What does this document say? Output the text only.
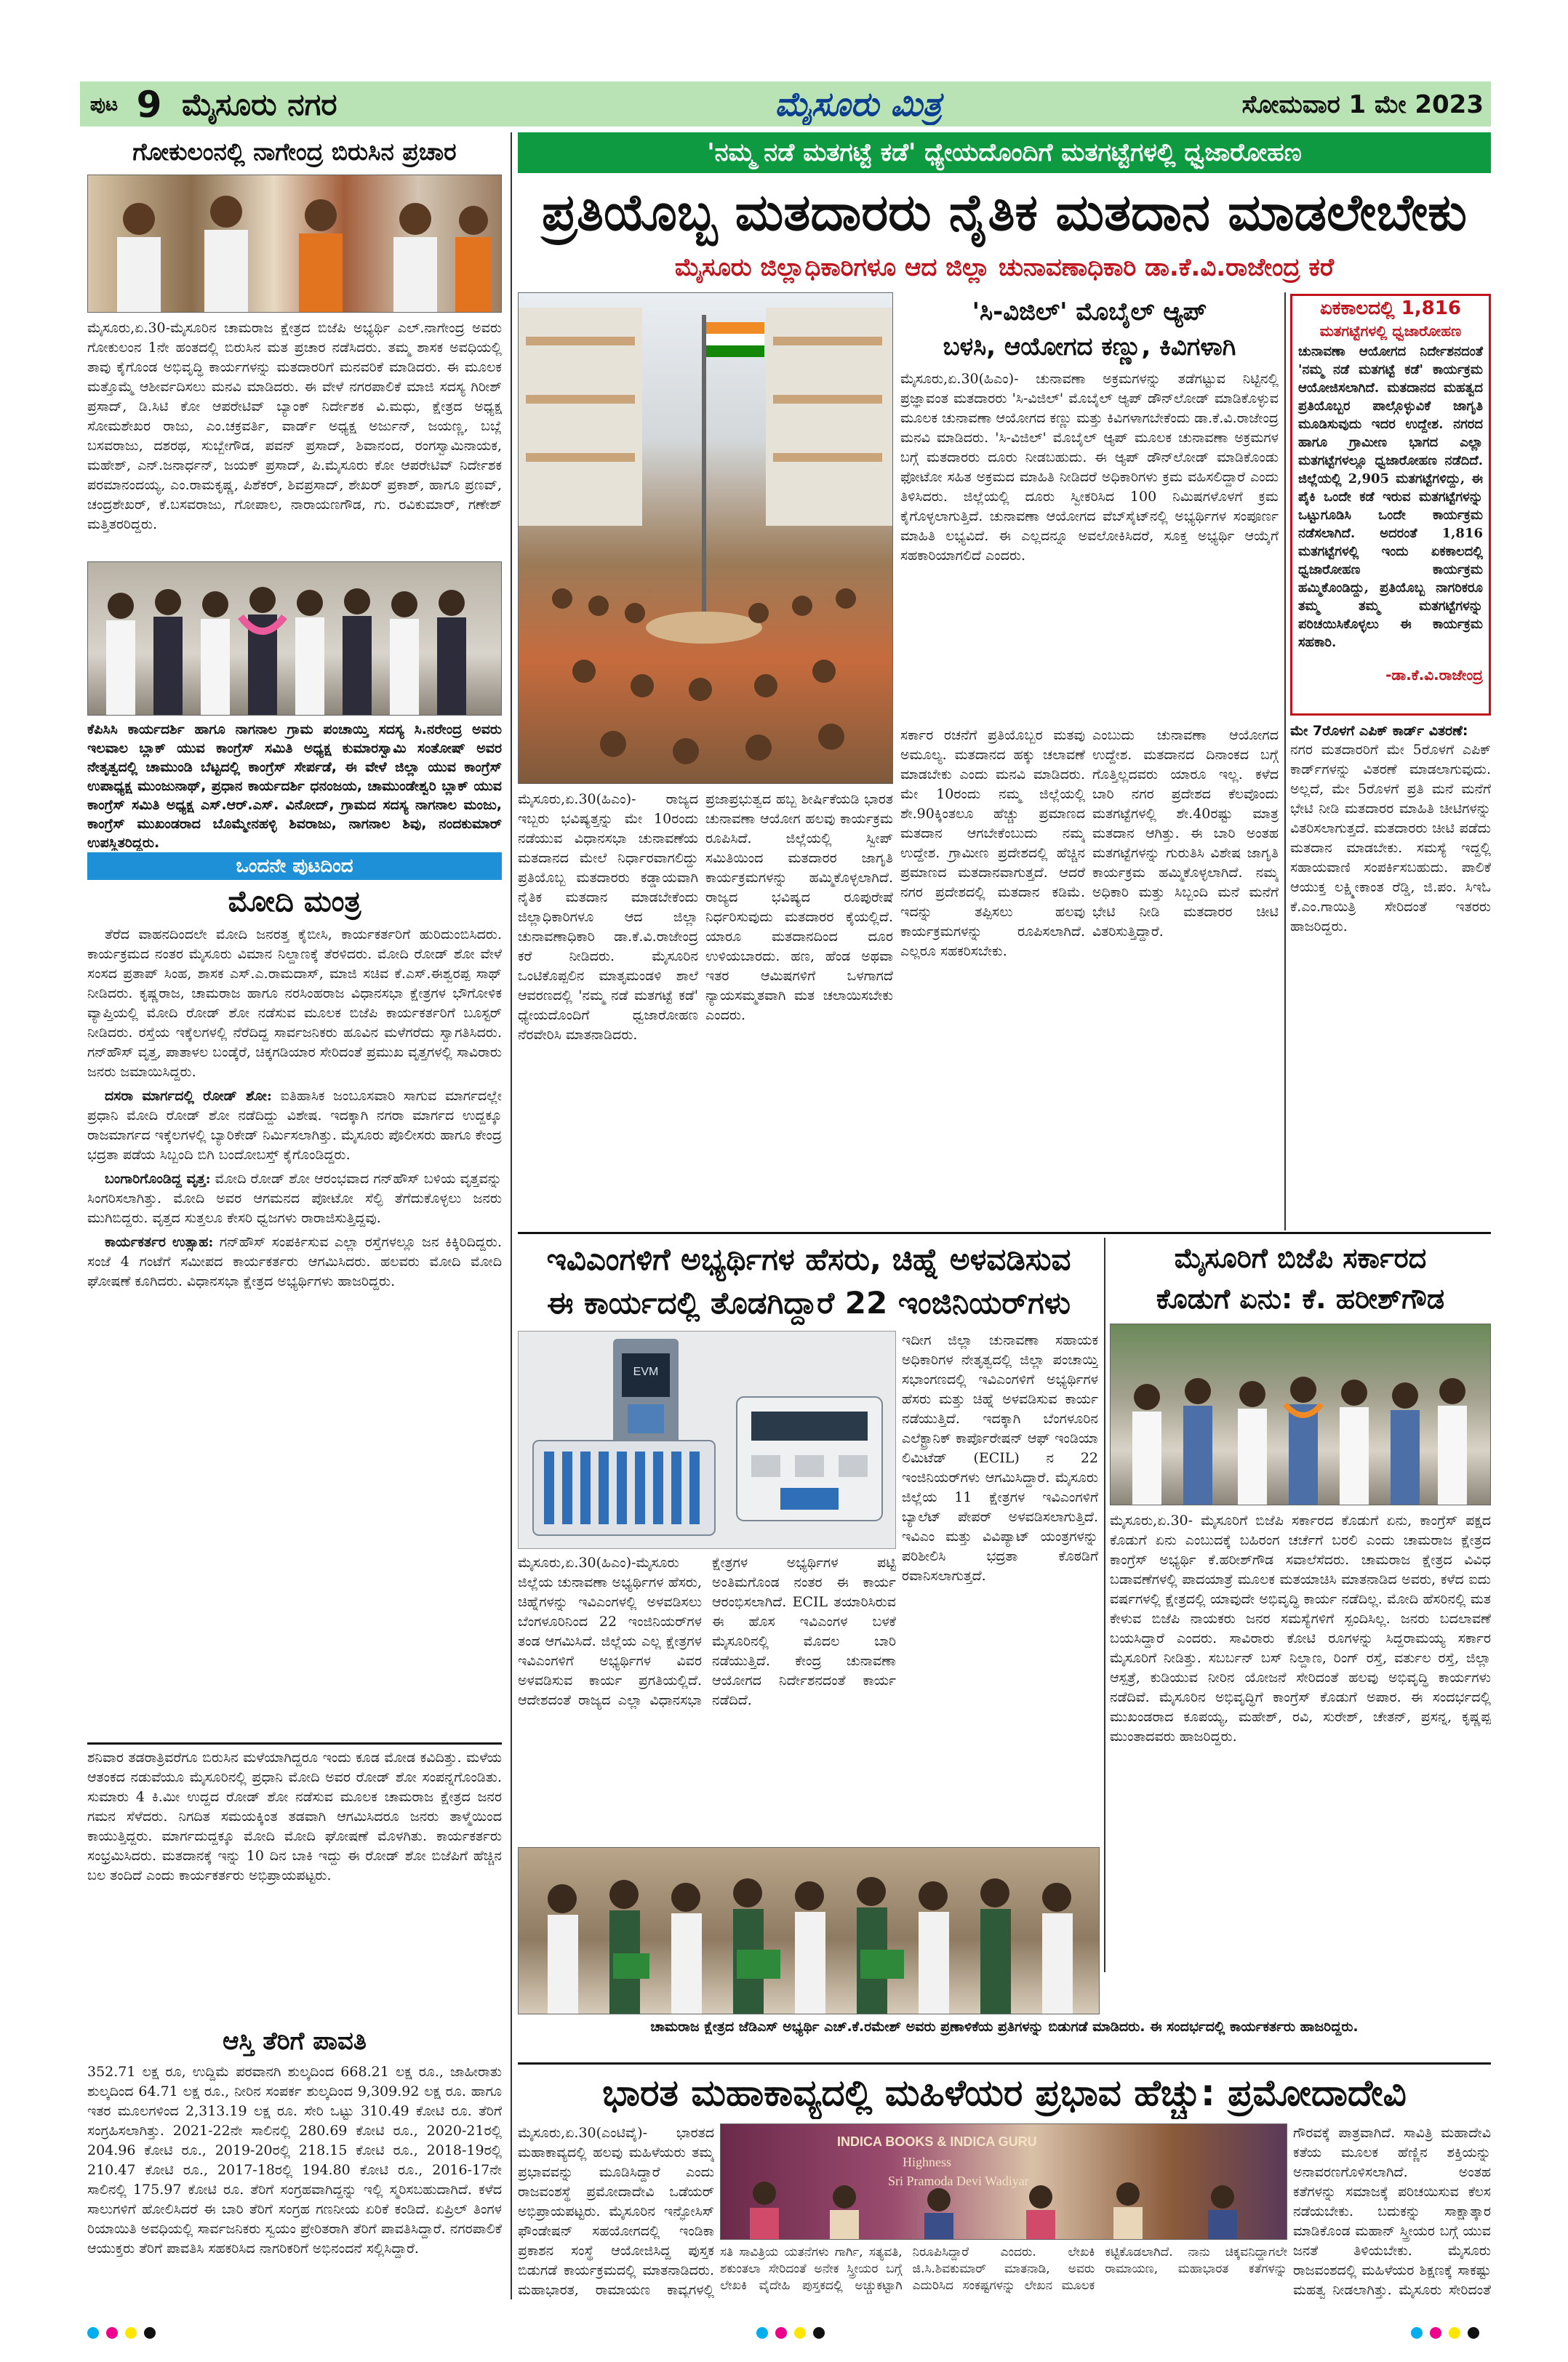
ಪುಟ 9 ಮೈಸೂರು ನಗರ	ಮೈಸೂರು ಮಿತ್ರ	ಸೋಮವಾರ 1 ಮೇ 2023
ಗೋಕುಲಂನಲ್ಲಿ ನಾಗೇಂದ್ರ ಬಿರುಸಿನ ಪ್ರಚಾರ
ಮೈಸೂರು,ಏ.30-ಮೈಸೂರಿನ ಚಾಮರಾಜ ಕ್ಷೇತ್ರದ ಬಿಜೆಪಿ ಅಭ್ಯರ್ಥಿ ಎಲ್.ನಾಗೇಂದ್ರ ಅವರು ಗೋಕುಲಂನ 1ನೇ ಹಂತದಲ್ಲಿ ಬಿರುಸಿನ ಮತ ಪ್ರಚಾರ ನಡೆಸಿದರು. ತಮ್ಮ ಶಾಸಕ ಅವಧಿಯಲ್ಲಿ ತಾವು ಕೈಗೊಂಡ ಅಭಿವೃದ್ಧಿ ಕಾರ್ಯಗಳನ್ನು ಮತದಾರರಿಗೆ ಮನವರಿಕೆ ಮಾಡಿದರು. ಈ ಮೂಲಕ ಮತ್ತೊಮ್ಮೆ ಆಶೀರ್ವದಿಸಲು ಮನವಿ ಮಾಡಿದರು. ಈ ವೇಳೆ ನಗರಪಾಲಿಕೆ ಮಾಜಿ ಸದಸ್ಯ ಗಿರೀಶ್ ಪ್ರಸಾದ್, ಡಿ.ಸಿಟಿ ಕೋ ಆಪರೇಟಿವ್ ಬ್ಯಾಂಕ್ ನಿರ್ದೇಶಕ ವಿ.ಮಧು, ಕ್ಷೇತ್ರದ ಅಧ್ಯಕ್ಷ ಸೋಮಶೇಖರ ರಾಜು, ಎಂ.ಚಕ್ರವರ್ತಿ, ವಾರ್ಡ್ ಅಧ್ಯಕ್ಷ ಅರ್ಜುನ್, ಜಯಣ್ಣ, ಬಬ್ಲೆ ಬಸವರಾಜು, ದಶರಥ, ಸುಬ್ಬೇಗೌಡ, ಪವನ್ ಪ್ರಸಾದ್, ಶಿವಾನಂದ, ರಂಗಸ್ವಾಮಿನಾಯಕ, ಮಹೇಶ್, ಎನ್.ಜನಾರ್ಧನ್, ಜಯಕ್ ಪ್ರಸಾದ್, ಪಿ.ಮೈಸೂರು ಕೋ ಆಪರೇಟಿವ್ ನಿರ್ದೇಶಕ ಪರಮಾನಂದಯ್ಯ, ಎಂ.ರಾಮಕೃಷ್ಣ, ಪಿಶೆಕರ್, ಶಿವಪ್ರಸಾದ್, ಶೇಖರ್ ಪ್ರಕಾಶ್, ಹಾಗೂ ಪ್ರಣವ್, ಚಂದ್ರಶೇಖರ್, ಕೆ.ಬಸವರಾಜು, ಗೋಪಾಲ, ನಾರಾಯಣಗೌಡ, ಗು. ರವಿಕುಮಾರ್, ಗಣೇಶ್ ಮತ್ತಿತರರಿದ್ದರು.
ಕೆಪಿಸಿಸಿ ಕಾರ್ಯದರ್ಶಿ ಹಾಗೂ ನಾಗನಾಲ ಗ್ರಾಮ ಪಂಚಾಯ್ತಿ ಸದಸ್ಯ ಸಿ.ನರೇಂದ್ರ ಅವರು ಇಲವಾಲ ಬ್ಲಾಕ್ ಯುವ ಕಾಂಗ್ರೆಸ್ ಸಮಿತಿ ಅಧ್ಯಕ್ಷ ಕುಮಾರಸ್ವಾಮಿ ಸಂತೋಷ್ ಅವರ ನೇತೃತ್ವದಲ್ಲಿ ಚಾಮುಂಡಿ ಬೆಟ್ಟದಲ್ಲಿ ಕಾಂಗ್ರೆಸ್ ಸೇರ್ಪಡೆ, ಈ ವೇಳೆ ಜಿಲ್ಲಾ ಯುವ ಕಾಂಗ್ರೆಸ್ ಉಪಾಧ್ಯಕ್ಷ ಮುಂಜುನಾಥ್, ಪ್ರಧಾನ ಕಾರ್ಯದರ್ಶಿ ಧನಂಜಯ, ಚಾಮುಂಡೇಶ್ವರಿ ಬ್ಲಾಕ್ ಯುವ ಕಾಂಗ್ರೆಸ್ ಸಮಿತಿ ಅಧ್ಯಕ್ಷ ಎಸ್.ಆರ್.ಎಸ್. ವಿನೋದ್, ಗ್ರಾಮದ ಸದಸ್ಯ ನಾಗನಾಲ ಮಂಜು, ಕಾಂಗ್ರೆಸ್ ಮುಖಂಡರಾದ ಬೊಮ್ಮೇನಹಳ್ಳಿ ಶಿವರಾಜು, ನಾಗನಾಲ ಶಿವು, ನಂದಕುಮಾರ್ ಉಪಸ್ಥಿತರಿದ್ದರು.
ಒಂದನೇ ಪುಟದಿಂದ
ಮೋದಿ ಮಂತ್ರ

ತೆರೆದ ವಾಹನದಿಂದಲೇ ಮೋದಿ ಜನರತ್ತ ಕೈಬೀಸಿ, ಕಾರ್ಯಕರ್ತರಿಗೆ ಹುರಿದುಂಬಿಸಿದರು. ಕಾರ್ಯಕ್ರಮದ ನಂತರ ಮೈಸೂರು ವಿಮಾನ ನಿಲ್ದಾಣಕ್ಕೆ ತೆರಳಿದರು. ಮೋದಿ ರೋಡ್ ಶೋ ವೇಳೆ ಸಂಸದ ಪ್ರತಾಪ್ ಸಿಂಹ, ಶಾಸಕ ಎಸ್.ಎ.ರಾಮದಾಸ್, ಮಾಜಿ ಸಚಿವ ಕೆ.ಎಸ್.ಈಶ್ವರಪ್ಪ ಸಾಥ್ ನೀಡಿದರು. ಕೃಷ್ಣರಾಜ, ಚಾಮರಾಜ ಹಾಗೂ ನರಸಿಂಹರಾಜ ವಿಧಾನಸಭಾ ಕ್ಷೇತ್ರಗಳ ಭೌಗೋಳಿಕ ವ್ಯಾಪ್ತಿಯಲ್ಲಿ ಮೋದಿ ರೋಡ್ ಶೋ ನಡೆಸುವ ಮೂಲಕ ಬಿಜೆಪಿ ಕಾರ್ಯಕರ್ತರಿಗೆ ಬೂಸ್ಟರ್ ನೀಡಿದರು. ರಸ್ತೆಯ ಇಕ್ಕೆಲಗಳಲ್ಲಿ ನೆರೆದಿದ್ದ ಸಾರ್ವಜನಿಕರು ಹೂವಿನ ಮಳೆಗರೆದು ಸ್ವಾಗತಿಸಿದರು. ಗನ್‌ಹೌಸ್ ವೃತ್ತ, ಪಾತಾಳಲ ಬಂಡ್ಕೆರೆ, ಚಿಕ್ಕಗಡಿಯಾರ ಸೇರಿದಂತೆ ಪ್ರಮುಖ ವೃತ್ತಗಳಲ್ಲಿ ಸಾವಿರಾರು ಜನರು ಜಮಾಯಿಸಿದ್ದರು.

ದಸರಾ ಮಾರ್ಗದಲ್ಲಿ ರೋಡ್ ಶೋ: ಐತಿಹಾಸಿಕ ಜಂಬೂಸವಾರಿ ಸಾಗುವ ಮಾರ್ಗದಲ್ಲೇ ಪ್ರಧಾನಿ ಮೋದಿ ರೋಡ್ ಶೋ ನಡೆದಿದ್ದು ವಿಶೇಷ. ಇದಕ್ಕಾಗಿ ನಗರಾ ಮಾರ್ಗದ ಉದ್ದಕ್ಕೂ ರಾಜಮಾರ್ಗದ ಇಕ್ಕೆಲಗಳಲ್ಲಿ ಬ್ಯಾರಿಕೇಡ್ ನಿರ್ಮಿಸಲಾಗಿತ್ತು. ಮೈಸೂರು ಪೊಲೀಸರು ಹಾಗೂ ಕೇಂದ್ರ ಭದ್ರತಾ ಪಡೆಯ ಸಿಬ್ಬಂದಿ ಬಿಗಿ ಬಂದೋಬಸ್ತ್ ಕೈಗೊಂಡಿದ್ದರು.

ಬಂಗಾರಿಗೊಂಡಿದ್ದ ವೃತ್ತ: ಮೋದಿ ರೋಡ್ ಶೋ ಆರಂಭವಾದ ಗನ್‌ಹೌಸ್ ಬಳಿಯ ವೃತ್ತವನ್ನು ಸಿಂಗರಿಸಲಾಗಿತ್ತು. ಮೋದಿ ಅವರ ಆಗಮನದ ಪೋಟೋ ಸೆಲ್ಫಿ ತೆಗೆದುಕೊಳ್ಳಲು ಜನರು ಮುಗಿಬಿದ್ದರು. ವೃತ್ತದ ಸುತ್ತಲೂ ಕೇಸರಿ ಧ್ವಜಗಳು ರಾರಾಜಿಸುತ್ತಿದ್ದವು.

ಕಾರ್ಯಕರ್ತರ ಉತ್ಸಾಹ: ಗನ್‌ಹೌಸ್ ಸಂಪರ್ಕಿಸುವ ಎಲ್ಲಾ ರಸ್ತೆಗಳಲ್ಲೂ ಜನ ಕಿಕ್ಕಿರಿದಿದ್ದರು. ಸಂಜೆ 4 ಗಂಟೆಗೆ ಸಮೀಪದ ಕಾರ್ಯಕರ್ತರು ಆಗಮಿಸಿದರು. ಹಲವರು ಮೋದಿ ಮೋದಿ ಘೋಷಣೆ ಕೂಗಿದರು. ವಿಧಾನಸಭಾ ಕ್ಷೇತ್ರದ ಅಭ್ಯರ್ಥಿಗಳು ಹಾಜರಿದ್ದರು.

ಶನಿವಾರ ತಡರಾತ್ರಿವರೆಗೂ ಬಿರುಸಿನ ಮಳೆಯಾಗಿದ್ದರೂ ಇಂದು ಕೂಡ ಮೋಡ ಕವಿದಿತ್ತು. ಮಳೆಯ ಆತಂಕದ ನಡುವೆಯೂ ಮೈಸೂರಿನಲ್ಲಿ ಪ್ರಧಾನಿ ಮೋದಿ ಅವರ ರೋಡ್ ಶೋ ಸಂಪನ್ನಗೊಂಡಿತು. ಸುಮಾರು 4 ಕಿ.ಮೀ ಉದ್ದದ ರೋಡ್ ಶೋ ನಡೆಸುವ ಮೂಲಕ ಚಾಮರಾಜ ಕ್ಷೇತ್ರದ ಜನರ ಗಮನ ಸೆಳೆದರು. ನಿಗದಿತ ಸಮಯಕ್ಕಿಂತ ತಡವಾಗಿ ಆಗಮಿಸಿದರೂ ಜನರು ತಾಳ್ಮೆಯಿಂದ ಕಾಯುತ್ತಿದ್ದರು. ಮಾರ್ಗದುದ್ದಕ್ಕೂ ಮೋದಿ ಮೋದಿ ಘೋಷಣೆ ಮೊಳಗಿತು. ಕಾರ್ಯಕರ್ತರು ಸಂಭ್ರಮಿಸಿದರು. ಮತದಾನಕ್ಕೆ ಇನ್ನು 10 ದಿನ ಬಾಕಿ ಇದ್ದು ಈ ರೋಡ್ ಶೋ ಬಿಜೆಪಿಗೆ ಹೆಚ್ಚಿನ ಬಲ ತಂದಿದೆ ಎಂದು ಕಾರ್ಯಕರ್ತರು ಅಭಿಪ್ರಾಯಪಟ್ಟರು.
ಆಸ್ತಿ ತೆರಿಗೆ ಪಾವತಿ
352.71 ಲಕ್ಷ ರೂ, ಉದ್ದಿಮೆ ಪರವಾನಗಿ ಶುಲ್ಕದಿಂದ 668.21 ಲಕ್ಷ ರೂ., ಜಾಹೀರಾತು ಶುಲ್ಕದಿಂದ 64.71 ಲಕ್ಷ ರೂ., ನೀರಿನ ಸಂಪರ್ಕ ಶುಲ್ಕದಿಂದ 9,309.92 ಲಕ್ಷ ರೂ. ಹಾಗೂ ಇತರ ಮೂಲಗಳಿಂದ 2,313.19 ಲಕ್ಷ ರೂ. ಸೇರಿ ಒಟ್ಟು 310.49 ಕೋಟಿ ರೂ. ತೆರಿಗೆ ಸಂಗ್ರಹಿಸಲಾಗಿತ್ತು. 2021-22ನೇ ಸಾಲಿನಲ್ಲಿ 280.69 ಕೋಟಿ ರೂ., 2020-21ರಲ್ಲಿ 204.96 ಕೋಟಿ ರೂ., 2019-20ರಲ್ಲಿ 218.15 ಕೋಟಿ ರೂ., 2018-19ರಲ್ಲಿ 210.47 ಕೋಟಿ ರೂ., 2017-18ರಲ್ಲಿ 194.80 ಕೋಟಿ ರೂ., 2016-17ನೇ ಸಾಲಿನಲ್ಲಿ 175.97 ಕೋಟಿ ರೂ. ತೆರಿಗೆ ಸಂಗ್ರಹವಾಗಿದ್ದನ್ನು ಇಲ್ಲಿ ಸ್ಮರಿಸಬಹುದಾಗಿದೆ. ಕಳೆದ ಸಾಲುಗಳಿಗೆ ಹೋಲಿಸಿದರೆ ಈ ಬಾರಿ ತೆರಿಗೆ ಸಂಗ್ರಹ ಗಣನೀಯ ಏರಿಕೆ ಕಂಡಿದೆ. ಏಪ್ರಿಲ್ ತಿಂಗಳ ರಿಯಾಯಿತಿ ಅವಧಿಯಲ್ಲಿ ಸಾರ್ವಜನಿಕರು ಸ್ವಯಂ ಪ್ರೇರಿತರಾಗಿ ತೆರಿಗೆ ಪಾವತಿಸಿದ್ದಾರೆ. ನಗರಪಾಲಿಕೆ ಆಯುಕ್ತರು ತೆರಿಗೆ ಪಾವತಿಸಿ ಸಹಕರಿಸಿದ ನಾಗರಿಕರಿಗೆ ಅಭಿನಂದನೆ ಸಲ್ಲಿಸಿದ್ದಾರೆ.
'ನಮ್ಮ ನಡೆ ಮತಗಟ್ಟೆ ಕಡೆ' ಧ್ಯೇಯದೊಂದಿಗೆ ಮತಗಟ್ಟೆಗಳಲ್ಲಿ ಧ್ವಜಾರೋಹಣ
ಪ್ರತಿಯೊಬ್ಬ ಮತದಾರರು ನೈತಿಕ ಮತದಾನ ಮಾಡಲೇಬೇಕು
ಮೈಸೂರು ಜಿಲ್ಲಾಧಿಕಾರಿಗಳೂ ಆದ ಜಿಲ್ಲಾ ಚುನಾವಣಾಧಿಕಾರಿ ಡಾ.ಕೆ.ವಿ.ರಾಜೇಂದ್ರ ಕರೆ
ಮೈಸೂರು,ಏ.30(ಹಿಎಂ)- ರಾಜ್ಯದ ಇಬ್ಬರು ಭವಿಷ್ಯತ್ತನ್ನು ಮೇ 10ರಂದು ನಡೆಯುವ ವಿಧಾನಸಭಾ ಚುನಾವಣೆಯ ಮತದಾನದ ಮೇಲೆ ನಿರ್ಧಾರವಾಗಲಿದ್ದು ಪ್ರತಿಯೊಬ್ಬ ಮತದಾರರು ಕಡ್ಡಾಯವಾಗಿ ನೈತಿಕ ಮತದಾನ ಮಾಡಬೇಕೆಂದು ಜಿಲ್ಲಾಧಿಕಾರಿಗಳೂ ಆದ ಜಿಲ್ಲಾ ಚುನಾವಣಾಧಿಕಾರಿ ಡಾ.ಕೆ.ವಿ.ರಾಜೇಂದ್ರ ಕರೆ ನೀಡಿದರು. ಮೈಸೂರಿನ ಒಂಟಿಕೊಪ್ಪಲಿನ ಮಾತೃಮಂಡಳಿ ಶಾಲೆ ಆವರಣದಲ್ಲಿ 'ನಮ್ಮ ನಡೆ ಮತಗಟ್ಟೆ ಕಡೆ' ಧ್ಯೇಯದೊಂದಿಗೆ ಧ್ವಜಾರೋಹಣ ನೆರವೇರಿಸಿ ಮಾತನಾಡಿದರು.
ಪ್ರಜಾಪ್ರಭುತ್ವದ ಹಬ್ಬ ಶೀರ್ಷಿಕೆಯಡಿ ಭಾರತ ಚುನಾವಣಾ ಆಯೋಗ ಹಲವು ಕಾರ್ಯಕ್ರಮ ರೂಪಿಸಿದೆ. ಜಿಲ್ಲೆಯಲ್ಲಿ ಸ್ವೀಪ್ ಸಮಿತಿಯಿಂದ ಮತದಾರರ ಜಾಗೃತಿ ಕಾರ್ಯಕ್ರಮಗಳನ್ನು ಹಮ್ಮಿಕೊಳ್ಳಲಾಗಿದೆ. ರಾಜ್ಯದ ಭವಿಷ್ಯದ ರೂಪುರೇಷೆ ನಿರ್ಧರಿಸುವುದು ಮತದಾರರ ಕೈಯಲ್ಲಿದೆ. ಯಾರೂ ಮತದಾನದಿಂದ ದೂರ ಉಳಿಯಬಾರದು. ಹಣ, ಹೆಂಡ ಅಥವಾ ಇತರ ಆಮಿಷಗಳಿಗೆ ಒಳಗಾಗದೆ ನ್ಯಾಯಸಮ್ಮತವಾಗಿ ಮತ ಚಲಾಯಿಸಬೇಕು ಎಂದರು.
'ಸಿ-ವಿಜಿಲ್' ಮೊಬೈಲ್ ಆ್ಯಪ್
ಬಳಸಿ, ಆಯೋಗದ ಕಣ್ಣು, ಕಿವಿಗಳಾಗಿ
ಮೈಸೂರು,ಏ.30(ಹಿಎಂ)- ಚುನಾವಣಾ ಅಕ್ರಮಗಳನ್ನು ತಡೆಗಟ್ಟುವ ನಿಟ್ಟಿನಲ್ಲಿ ಪ್ರಜ್ಞಾವಂತ ಮತದಾರರು 'ಸಿ-ವಿಜಿಲ್' ಮೊಬೈಲ್ ಆ್ಯಪ್ ಡೌನ್‌ಲೋಡ್ ಮಾಡಿಕೊಳ್ಳುವ ಮೂಲಕ ಚುನಾವಣಾ ಆಯೋಗದ ಕಣ್ಣು ಮತ್ತು ಕಿವಿಗಳಾಗಬೇಕೆಂದು ಡಾ.ಕೆ.ವಿ.ರಾಜೇಂದ್ರ ಮನವಿ ಮಾಡಿದರು. 'ಸಿ-ವಿಜಿಲ್' ಮೊಬೈಲ್ ಆ್ಯಪ್ ಮೂಲಕ ಚುನಾವಣಾ ಅಕ್ರಮಗಳ ಬಗ್ಗೆ ಮತದಾರರು ದೂರು ನೀಡಬಹುದು. ಈ ಆ್ಯಪ್ ಡೌನ್‌ಲೋಡ್ ಮಾಡಿಕೊಂಡು ಫೋಟೋ ಸಹಿತ ಅಕ್ರಮದ ಮಾಹಿತಿ ನೀಡಿದರೆ ಅಧಿಕಾರಿಗಳು ಕ್ರಮ ವಹಿಸಲಿದ್ದಾರೆ ಎಂದು ತಿಳಿಸಿದರು. ಜಿಲ್ಲೆಯಲ್ಲಿ ದೂರು ಸ್ವೀಕರಿಸಿದ 100 ನಿಮಿಷಗಳೊಳಗೆ ಕ್ರಮ ಕೈಗೊಳ್ಳಲಾಗುತ್ತಿದೆ. ಚುನಾವಣಾ ಆಯೋಗದ ವೆಬ್‌ಸೈಟ್‌ನಲ್ಲಿ ಅಭ್ಯರ್ಥಿಗಳ ಸಂಪೂರ್ಣ ಮಾಹಿತಿ ಲಭ್ಯವಿದೆ. ಈ ಎಲ್ಲದನ್ನೂ ಅವಲೋಕಿಸಿದರೆ, ಸೂಕ್ತ ಅಭ್ಯರ್ಥಿ ಆಯ್ಕೆಗೆ ಸಹಕಾರಿಯಾಗಲಿದೆ ಎಂದರು.
ಸರ್ಕಾರ ರಚನೆಗೆ ಪ್ರತಿಯೊಬ್ಬರ ಮತವು ಅಮೂಲ್ಯ. ಮತದಾನದ ಹಕ್ಕು ಚಲಾವಣೆ ಮಾಡಬೇಕು ಎಂದು ಮನವಿ ಮಾಡಿದರು. ಮೇ 10ರಂದು ನಮ್ಮ ಜಿಲ್ಲೆಯಲ್ಲಿ ಶೇ.90ಕ್ಕಿಂತಲೂ ಹೆಚ್ಚು ಪ್ರಮಾಣದ ಮತದಾನ ಆಗಬೇಕೆಂಬುದು ನಮ್ಮ ಉದ್ದೇಶ. ಗ್ರಾಮೀಣ ಪ್ರದೇಶದಲ್ಲಿ ಹೆಚ್ಚಿನ ಪ್ರಮಾಣದ ಮತದಾನವಾಗುತ್ತದೆ. ಆದರೆ ನಗರ ಪ್ರದೇಶದಲ್ಲಿ ಮತದಾನ ಕಡಿಮೆ. ಇದನ್ನು ತಪ್ಪಿಸಲು ಹಲವು ಕಾರ್ಯಕ್ರಮಗಳನ್ನು ರೂಪಿಸಲಾಗಿದೆ. ಎಲ್ಲರೂ ಸಹಕರಿಸಬೇಕು.
ಎಂಬುದು ಚುನಾವಣಾ ಆಯೋಗದ ಉದ್ದೇಶ. ಮತದಾನದ ದಿನಾಂಕದ ಬಗ್ಗೆ ಗೊತ್ತಿಲ್ಲದವರು ಯಾರೂ ಇಲ್ಲ. ಕಳೆದ ಬಾರಿ ನಗರ ಪ್ರದೇಶದ ಕೆಲವೊಂದು ಮತಗಟ್ಟೆಗಳಲ್ಲಿ ಶೇ.40ರಷ್ಟು ಮಾತ್ರ ಮತದಾನ ಆಗಿತ್ತು. ಈ ಬಾರಿ ಅಂತಹ ಮತಗಟ್ಟೆಗಳನ್ನು ಗುರುತಿಸಿ ವಿಶೇಷ ಜಾಗೃತಿ ಕಾರ್ಯಕ್ರಮ ಹಮ್ಮಿಕೊಳ್ಳಲಾಗಿದೆ. ನಮ್ಮ ಅಧಿಕಾರಿ ಮತ್ತು ಸಿಬ್ಬಂದಿ ಮನೆ ಮನೆಗೆ ಭೇಟಿ ನೀಡಿ ಮತದಾರರ ಚೀಟಿ ವಿತರಿಸುತ್ತಿದ್ದಾರೆ.
ಏಕಕಾಲದಲ್ಲಿ 1,816
ಮತಗಟ್ಟೆಗಳಲ್ಲಿ ಧ್ವಜಾರೋಹಣ
ಚುನಾವಣಾ ಆಯೋಗದ ನಿರ್ದೇಶನದಂತೆ 'ನಮ್ಮ ನಡೆ ಮತಗಟ್ಟೆ ಕಡೆ' ಕಾರ್ಯಕ್ರಮ ಆಯೋಜಿಸಲಾಗಿದೆ. ಮತದಾನದ ಮಹತ್ವದ ಪ್ರತಿಯೊಬ್ಬರ ಪಾಲ್ಗೊಳ್ಳುವಿಕೆ ಜಾಗೃತಿ ಮೂಡಿಸುವುದು ಇದರ ಉದ್ದೇಶ. ನಗರದ ಹಾಗೂ ಗ್ರಾಮೀಣ ಭಾಗದ ಎಲ್ಲಾ ಮತಗಟ್ಟೆಗಳಲ್ಲೂ ಧ್ವಜಾರೋಹಣ ನಡೆದಿದೆ. ಜಿಲ್ಲೆಯಲ್ಲಿ 2,905 ಮತಗಟ್ಟೆಗಳಿದ್ದು, ಈ ಪೈಕಿ ಒಂದೇ ಕಡೆ ಇರುವ ಮತಗಟ್ಟೆಗಳನ್ನು ಒಟ್ಟುಗೂಡಿಸಿ ಒಂದೇ ಕಾರ್ಯಕ್ರಮ ನಡೆಸಲಾಗಿದೆ. ಅದರಂತೆ 1,816 ಮತಗಟ್ಟೆಗಳಲ್ಲಿ ಇಂದು ಏಕಕಾಲದಲ್ಲಿ ಧ್ವಜಾರೋಹಣ ಕಾರ್ಯಕ್ರಮ ಹಮ್ಮಿಕೊಂಡಿದ್ದು, ಪ್ರತಿಯೊಬ್ಬ ನಾಗರಿಕರೂ ತಮ್ಮ ತಮ್ಮ ಮತಗಟ್ಟೆಗಳನ್ನು ಪರಿಚಯಿಸಿಕೊಳ್ಳಲು ಈ ಕಾರ್ಯಕ್ರಮ ಸಹಕಾರಿ.
-ಡಾ.ಕೆ.ವಿ.ರಾಜೇಂದ್ರ
ಮೇ 7ರೊಳಗೆ ಎಪಿಕ್ ಕಾರ್ಡ್ ವಿತರಣೆ:
ನಗರ ಮತದಾರರಿಗೆ ಮೇ 5ರೊಳಗೆ ಎಪಿಕ್ ಕಾರ್ಡ್‌ಗಳನ್ನು ವಿತರಣೆ ಮಾಡಲಾಗುವುದು. ಅಲ್ಲದೆ, ಮೇ 5ರೊಳಗೆ ಪ್ರತಿ ಮನೆ ಮನೆಗೆ ಭೇಟಿ ನೀಡಿ ಮತದಾರರ ಮಾಹಿತಿ ಚೀಟಿಗಳನ್ನು ವಿತರಿಸಲಾಗುತ್ತದೆ. ಮತದಾರರು ಚೀಟಿ ಪಡೆದು ಮತದಾನ ಮಾಡಬೇಕು. ಸಮಸ್ಯೆ ಇದ್ದಲ್ಲಿ ಸಹಾಯವಾಣಿ ಸಂಪರ್ಕಿಸಬಹುದು. ಪಾಲಿಕೆ ಆಯುಕ್ತ ಲಕ್ಷ್ಮೀಕಾಂತ ರೆಡ್ಡಿ, ಜಿ.ಪಂ. ಸಿಇಓ ಕೆ.ಎಂ.ಗಾಯಿತ್ರಿ ಸೇರಿದಂತೆ ಇತರರು ಹಾಜರಿದ್ದರು.
ಇವಿಎಂಗಳಿಗೆ ಅಭ್ಯರ್ಥಿಗಳ ಹೆಸರು, ಚಿಹ್ನೆ ಅಳವಡಿಸುವ
ಈ ಕಾರ್ಯದಲ್ಲಿ ತೊಡಗಿದ್ದಾರೆ 22 ಇಂಜಿನಿಯರ್‌ಗಳು
EVM
ಇದೀಗ ಜಿಲ್ಲಾ ಚುನಾವಣಾ ಸಹಾಯಕ ಅಧಿಕಾರಿಗಳ ನೇತೃತ್ವದಲ್ಲಿ ಜಿಲ್ಲಾ ಪಂಚಾಯ್ತಿ ಸಭಾಂಗಣದಲ್ಲಿ ಇವಿಎಂಗಳಿಗೆ ಅಭ್ಯರ್ಥಿಗಳ ಹೆಸರು ಮತ್ತು ಚಿಹ್ನೆ ಅಳವಡಿಸುವ ಕಾರ್ಯ ನಡೆಯುತ್ತಿದೆ. ಇದಕ್ಕಾಗಿ ಬೆಂಗಳೂರಿನ ಎಲೆಕ್ಟ್ರಾನಿಕ್ ಕಾರ್ಪೊರೇಷನ್ ಆಫ್ ಇಂಡಿಯಾ ಲಿಮಿಟೆಡ್ (ECIL) ನ 22 ಇಂಜಿನಿಯರ್‌ಗಳು ಆಗಮಿಸಿದ್ದಾರೆ. ಮೈಸೂರು ಜಿಲ್ಲೆಯ 11 ಕ್ಷೇತ್ರಗಳ ಇವಿಎಂಗಳಿಗೆ ಬ್ಯಾಲೆಟ್ ಪೇಪರ್ ಅಳವಡಿಸಲಾಗುತ್ತಿದೆ. ಇವಿಎಂ ಮತ್ತು ವಿವಿಪ್ಯಾಟ್ ಯಂತ್ರಗಳನ್ನು ಪರಿಶೀಲಿಸಿ ಭದ್ರತಾ ಕೊಠಡಿಗೆ ರವಾನಿಸಲಾಗುತ್ತದೆ.
ಮೈಸೂರು,ಏ.30(ಹಿಎಂ)-ಮೈಸೂರು ಜಿಲ್ಲೆಯ ಚುನಾವಣಾ ಅಭ್ಯರ್ಥಿಗಳ ಹೆಸರು, ಚಿಹ್ನೆಗಳನ್ನು ಇವಿಎಂಗಳಲ್ಲಿ ಅಳವಡಿಸಲು ಬೆಂಗಳೂರಿನಿಂದ 22 ಇಂಜಿನಿಯರ್‌ಗಳ ತಂಡ ಆಗಮಿಸಿದೆ. ಜಿಲ್ಲೆಯ ಎಲ್ಲ ಕ್ಷೇತ್ರಗಳ ಇವಿಎಂಗಳಿಗೆ ಅಭ್ಯರ್ಥಿಗಳ ವಿವರ ಅಳವಡಿಸುವ ಕಾರ್ಯ ಪ್ರಗತಿಯಲ್ಲಿದೆ. ಆದೇಶದಂತೆ ರಾಜ್ಯದ ಎಲ್ಲಾ ವಿಧಾನಸಭಾ ಕ್ಷೇತ್ರಗಳ ಅಭ್ಯರ್ಥಿಗಳ ಪಟ್ಟಿ ಅಂತಿಮಗೊಂಡ ನಂತರ ಈ ಕಾರ್ಯ ಆರಂಭಿಸಲಾಗಿದೆ. ECIL ತಯಾರಿಸಿರುವ ಈ ಹೊಸ ಇವಿಎಂಗಳ ಬಳಕೆ ಮೈಸೂರಿನಲ್ಲಿ ಮೊದಲ ಬಾರಿ ನಡೆಯುತ್ತಿದೆ. ಕೇಂದ್ರ ಚುನಾವಣಾ ಆಯೋಗದ ನಿರ್ದೇಶನದಂತೆ ಕಾರ್ಯ ನಡೆದಿದೆ.
ಮೈಸೂರಿಗೆ ಬಿಜೆಪಿ ಸರ್ಕಾರದ
ಕೊಡುಗೆ ಏನು: ಕೆ. ಹರೀಶ್‌ಗೌಡ
ಮೈಸೂರು,ಏ.30- ಮೈಸೂರಿಗೆ ಬಿಜೆಪಿ ಸರ್ಕಾರದ ಕೊಡುಗೆ ಏನು, ಕಾಂಗ್ರೆಸ್ ಪಕ್ಷದ ಕೊಡುಗೆ ಏನು ಎಂಬುದಕ್ಕೆ ಬಹಿರಂಗ ಚರ್ಚೆಗೆ ಬರಲಿ ಎಂದು ಚಾಮರಾಜ ಕ್ಷೇತ್ರದ ಕಾಂಗ್ರೆಸ್ ಅಭ್ಯರ್ಥಿ ಕೆ.ಹರೀಶ್‌ಗೌಡ ಸವಾಲೆಸೆದರು. ಚಾಮರಾಜ ಕ್ಷೇತ್ರದ ವಿವಿಧ ಬಡಾವಣೆಗಳಲ್ಲಿ ಪಾದಯಾತ್ರೆ ಮೂಲಕ ಮತಯಾಚಿಸಿ ಮಾತನಾಡಿದ ಅವರು, ಕಳೆದ ಐದು ವರ್ಷಗಳಲ್ಲಿ ಕ್ಷೇತ್ರದಲ್ಲಿ ಯಾವುದೇ ಅಭಿವೃದ್ಧಿ ಕಾರ್ಯ ನಡೆದಿಲ್ಲ. ಮೋದಿ ಹೆಸರಿನಲ್ಲಿ ಮತ ಕೇಳುವ ಬಿಜೆಪಿ ನಾಯಕರು ಜನರ ಸಮಸ್ಯೆಗಳಿಗೆ ಸ್ಪಂದಿಸಿಲ್ಲ. ಜನರು ಬದಲಾವಣೆ ಬಯಸಿದ್ದಾರೆ ಎಂದರು. ಸಾವಿರಾರು ಕೋಟಿ ರೂಗಳನ್ನು ಸಿದ್ದರಾಮಯ್ಯ ಸರ್ಕಾರ ಮೈಸೂರಿಗೆ ನೀಡಿತ್ತು. ಸಬರ್ಬನ್ ಬಸ್ ನಿಲ್ದಾಣ, ರಿಂಗ್ ರಸ್ತೆ, ವರ್ತುಲ ರಸ್ತೆ, ಜಿಲ್ಲಾ ಆಸ್ಪತ್ರೆ, ಕುಡಿಯುವ ನೀರಿನ ಯೋಜನೆ ಸೇರಿದಂತೆ ಹಲವು ಅಭಿವೃದ್ಧಿ ಕಾರ್ಯಗಳು ನಡೆದಿವೆ. ಮೈಸೂರಿನ ಅಭಿವೃದ್ಧಿಗೆ ಕಾಂಗ್ರೆಸ್ ಕೊಡುಗೆ ಅಪಾರ. ಈ ಸಂದರ್ಭದಲ್ಲಿ ಮುಖಂಡರಾದ ಕೂಪಯ್ಯ, ಮಹೇಶ್, ರವಿ, ಸುರೇಶ್, ಚೇತನ್, ಪ್ರಸನ್ನ, ಕೃಷ್ಣಪ್ಪ ಮುಂತಾದವರು ಹಾಜರಿದ್ದರು.
ಚಾಮರಾಜ ಕ್ಷೇತ್ರದ ಜೆಡಿಎಸ್ ಅಭ್ಯರ್ಥಿ ಎಚ್.ಕೆ.ರಮೇಶ್ ಅವರು ಪ್ರಣಾಳಿಕೆಯ ಪ್ರತಿಗಳನ್ನು ಬಿಡುಗಡೆ ಮಾಡಿದರು. ಈ ಸಂದರ್ಭದಲ್ಲಿ ಕಾರ್ಯಕರ್ತರು ಹಾಜರಿದ್ದರು.
ಭಾರತ ಮಹಾಕಾವ್ಯದಲ್ಲಿ ಮಹಿಳೆಯರ ಪ್ರಭಾವ ಹೆಚ್ಚು: ಪ್ರಮೋದಾದೇವಿ
ಮೈಸೂರು,ಏ.30(ಎಂಟಿವೈ)- ಭಾರತದ ಮಹಾಕಾವ್ಯದಲ್ಲಿ ಹಲವು ಮಹಿಳೆಯರು ತಮ್ಮ ಪ್ರಭಾವವನ್ನು ಮೂಡಿಸಿದ್ದಾರೆ ಎಂದು ರಾಜವಂಶಸ್ಥೆ ಪ್ರಮೋದಾದೇವಿ ಒಡೆಯರ್ ಅಭಿಪ್ರಾಯಪಟ್ಟರು. ಮೈಸೂರಿನ ಇನ್ಫೋಸಿಸ್ ಫೌಂಡೇಷನ್ ಸಹಯೋಗದಲ್ಲಿ ಇಂಡಿಕಾ ಪ್ರಕಾಶನ ಸಂಸ್ಥೆ ಆಯೋಜಿಸಿದ್ದ ಪುಸ್ತಕ ಬಿಡುಗಡೆ ಕಾರ್ಯಕ್ರಮದಲ್ಲಿ ಮಾತನಾಡಿದರು. ಮಹಾಭಾರತ, ರಾಮಾಯಣ ಕಾವ್ಯಗಳಲ್ಲಿ
INDICA BOOKS & INDICA GURU
Highness
Sri Pramoda Devi Wadiyar
ಸತಿ ಸಾವಿತ್ರಿಯ ಯತನೆಗಳು ಗಾರ್ಗಿ, ಸತ್ಯವತಿ, ಶಕುಂತಲಾ ಸೇರಿದಂತೆ ಅನೇಕ ಸ್ತ್ರೀಯರ ಬಗ್ಗೆ ಲೇಖಕಿ ವೈದೇಹಿ ಪುಸ್ತಕದಲ್ಲಿ ಅಚ್ಚುಕಟ್ಟಾಗಿ ನಿರೂಪಿಸಿದ್ದಾರೆ ಎಂದರು. ಲೇಖಕಿ ಜಿ.ಸಿ.ಶಿವಕುಮಾರ್ ಮಾತನಾಡಿ, ಅವರು ಎದುರಿಸಿದ ಸಂಕಷ್ಟಗಳನ್ನು ಲೇಖನ ಮೂಲಕ ಕಟ್ಟಿಕೊಡಲಾಗಿದೆ. ನಾನು ಚಿಕ್ಕವನಿದ್ದಾಗಲೇ ರಾಮಾಯಣ, ಮಹಾಭಾರತ ಕತೆಗಳನ್ನು
ಗೌರವಕ್ಕೆ ಪಾತ್ರವಾಗಿದೆ. ಸಾವಿತ್ರಿ ಮಹಾದೇವಿ ಕತೆಯ ಮೂಲಕ ಹೆಣ್ಣಿನ ಶಕ್ತಿಯನ್ನು ಅನಾವರಣಗೊಳಿಸಲಾಗಿದೆ. ಅಂತಹ ಕತೆಗಳನ್ನು ಸಮಾಜಕ್ಕೆ ಪರಿಚಯಿಸುವ ಕೆಲಸ ನಡೆಯಬೇಕು. ಬದುಕನ್ನು ಸಾಕ್ಷಾತ್ಕಾರ ಮಾಡಿಕೊಂಡ ಮಹಾನ್ ಸ್ತ್ರೀಯರ ಬಗ್ಗೆ ಯುವ ಜನತೆ ತಿಳಿಯಬೇಕು. ಮೈಸೂರು ರಾಜವಂಶದಲ್ಲಿ ಮಹಿಳೆಯರ ಶಿಕ್ಷಣಕ್ಕೆ ಸಾಕಷ್ಟು ಮಹತ್ವ ನೀಡಲಾಗಿತ್ತು. ಮೈಸೂರು ಸೇರಿದಂತೆ
